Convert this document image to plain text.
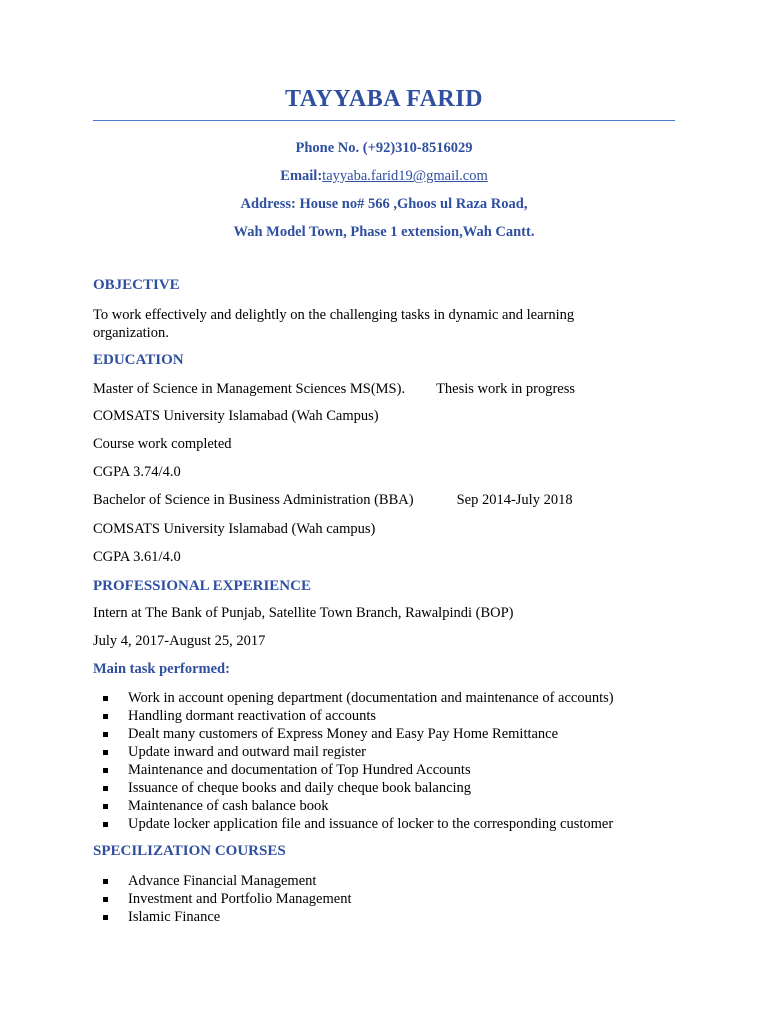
TAYYABA FARID

Phone No. (+92)310-8516029

Email:tayyaba.farid19@gmail.com

Address: House no# 566 ,Ghoos ul Raza Road,

Wah Model Town, Phase 1 extension,Wah Cantt.

OBJECTIVE

To work effectively and delightly on the challenging tasks in dynamic and learning organization.

EDUCATION

Master of Science in Management Sciences MS(MS). Thesis work in progress

COMSATS University Islamabad (Wah Campus)

Course work completed

CGPA 3.74/4.0

Bachelor of Science in Business Administration (BBA)	Sep 2014-July 2018

COMSATS University Islamabad (Wah campus)

CGPA 3.61/4.0

PROFESSIONAL EXPERIENCE

Intern at The Bank of Punjab, Satellite Town Branch, Rawalpindi (BOP)

July 4, 2017-August 25, 2017

Main task performed:
Work in account opening department (documentation and maintenance of accounts)
Handling dormant reactivation of accounts
Dealt many customers of Express Money and Easy Pay Home Remittance
Update inward and outward mail register
Maintenance and documentation of Top Hundred Accounts
Issuance of cheque books and daily cheque book balancing
Maintenance of cash balance book
Update locker application file and issuance of locker to the corresponding customer
SPECILIZATION COURSES
Advance Financial Management
Investment and Portfolio Management
Islamic Finance
